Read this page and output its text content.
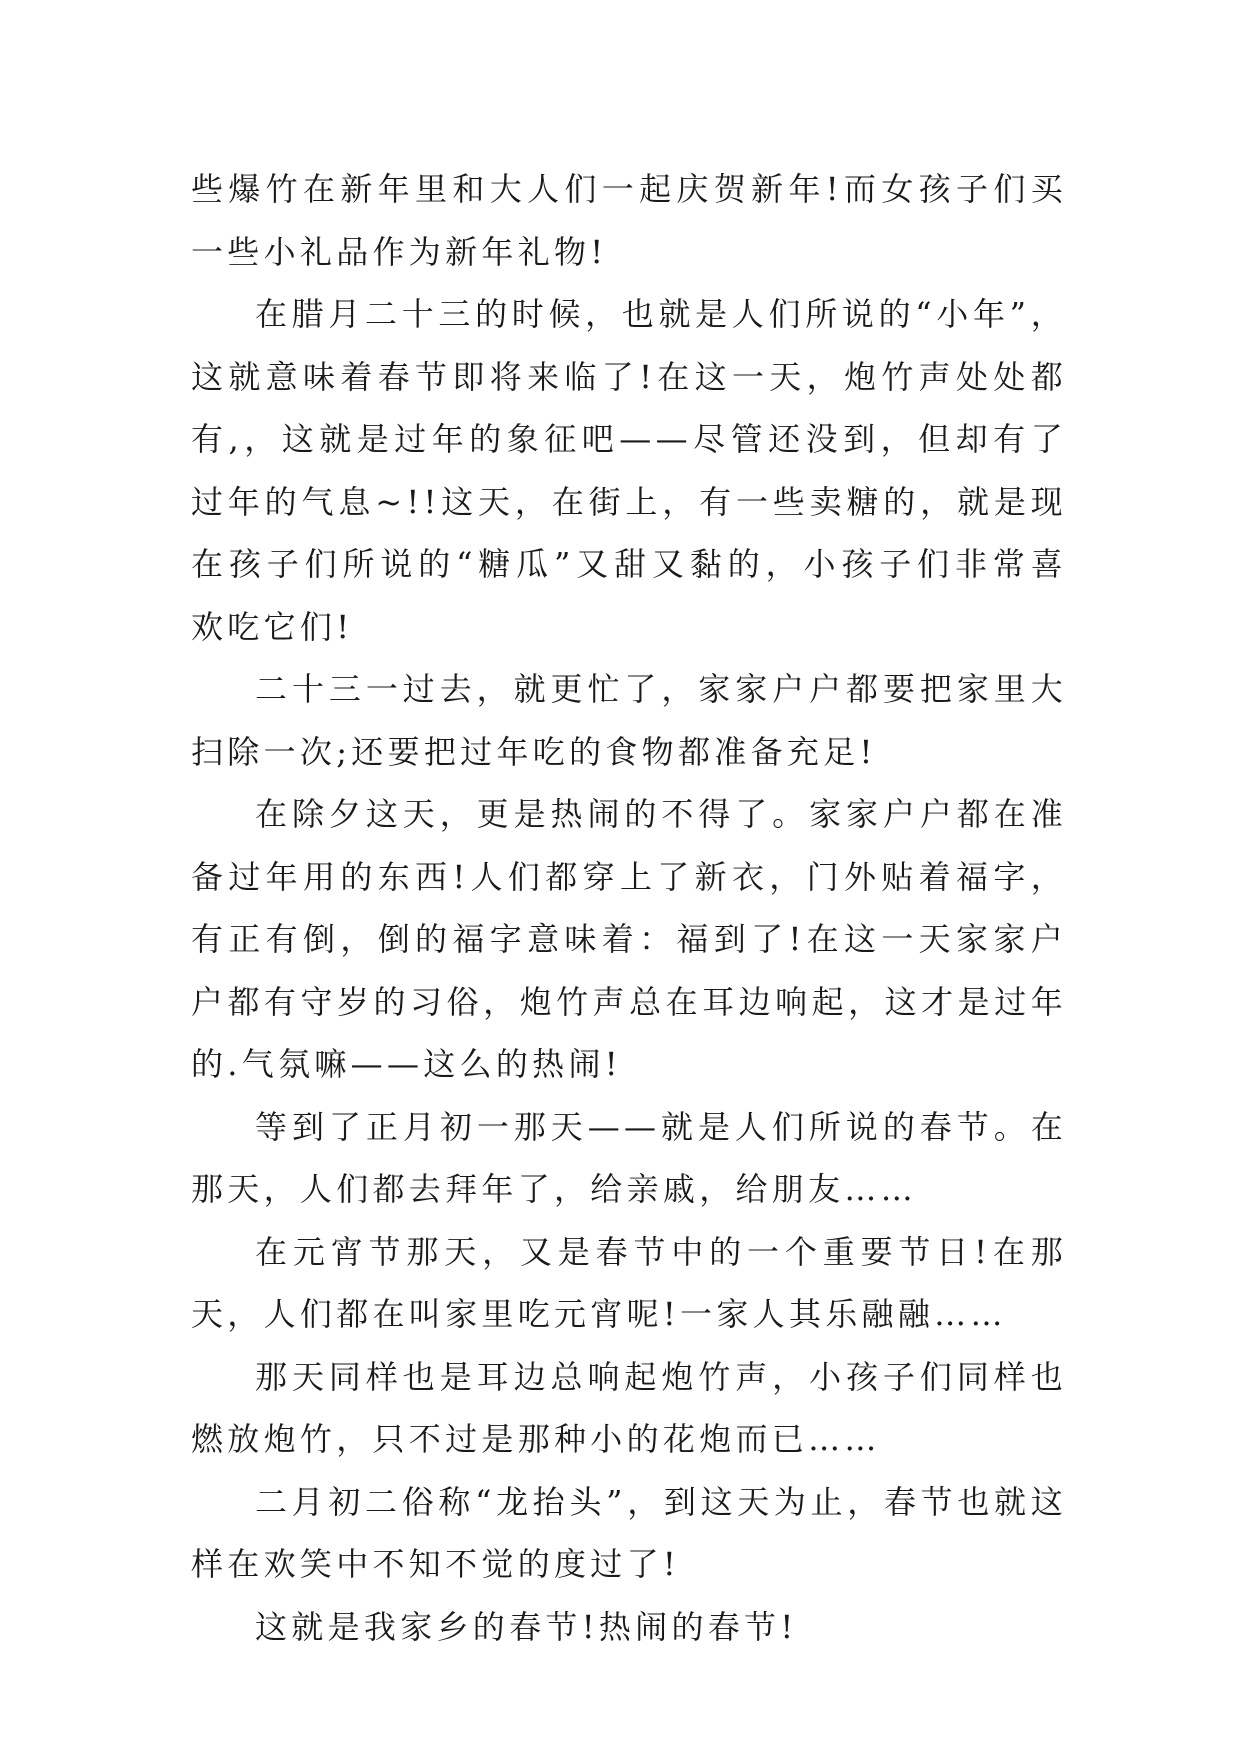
些爆竹在新年里和大人们一起庆贺新年!而女孩子们买一些小礼品作为新年礼物!

在腊月二十三的时候，也就是人们所说的“小年”，这就意味着春节即将来临了!在这一天，炮竹声处处都有,，这就是过年的象征吧——尽管还没到，但却有了过年的气息~!!这天，在街上，有一些卖糖的，就是现在孩子们所说的“糖瓜”又甜又黏的，小孩子们非常喜欢吃它们!

二十三一过去，就更忙了，家家户户都要把家里大扫除一次;还要把过年吃的食物都准备充足!

在除夕这天，更是热闹的不得了。家家户户都在准备过年用的东西!人们都穿上了新衣，门外贴着福字，有正有倒，倒的福字意味着：福到了!在这一天家家户户都有守岁的习俗，炮竹声总在耳边响起，这才是过年的.气氛嘛——这么的热闹!

等到了正月初一那天——就是人们所说的春节。在那天，人们都去拜年了，给亲戚，给朋友……

在元宵节那天，又是春节中的一个重要节日!在那天，人们都在叫家里吃元宵呢!一家人其乐融融……

那天同样也是耳边总响起炮竹声，小孩子们同样也燃放炮竹，只不过是那种小的花炮而已……

二月初二俗称“龙抬头”，到这天为止，春节也就这样在欢笑中不知不觉的度过了!

这就是我家乡的春节!热闹的春节!
